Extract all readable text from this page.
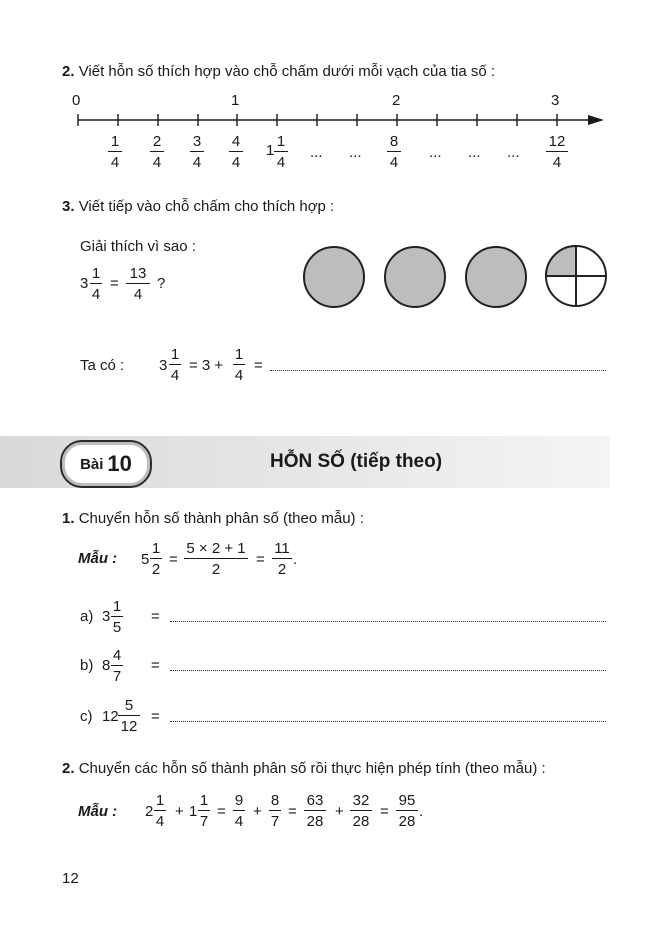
2. Viết hỗn số thích hợp vào chỗ chấm dưới mỗi vạch của tia số :
0	1	2	3
1
4
2
4
3
4
4
4
1
1
4
... ...
8
4
... ... ...
12
4
3. Viết tiếp vào chỗ chấm cho thích hợp :
Giải thích vì sao :
3
1
4
=
13
4
?
Ta có : 3
1
4
= 3 +
1
4
=
Bài 10	HỖN SỐ (tiếp theo)
1. Chuyển hỗn số thành phân số (theo mẫu) :
Mẫu : 5
1
2
=
5 × 2 + 1
2
=
11
2
.
a) 3
1
5
=
b) 8
4
7
=
c) 12
5
12
=
2. Chuyển các hỗn số thành phân số rồi thực hiện phép tính (theo mẫu) :
Mẫu : 2
1
4
+ 1
1
7
=
9
4
+
8
7
=
63
28
+
32
28
=
95
28
.
12
